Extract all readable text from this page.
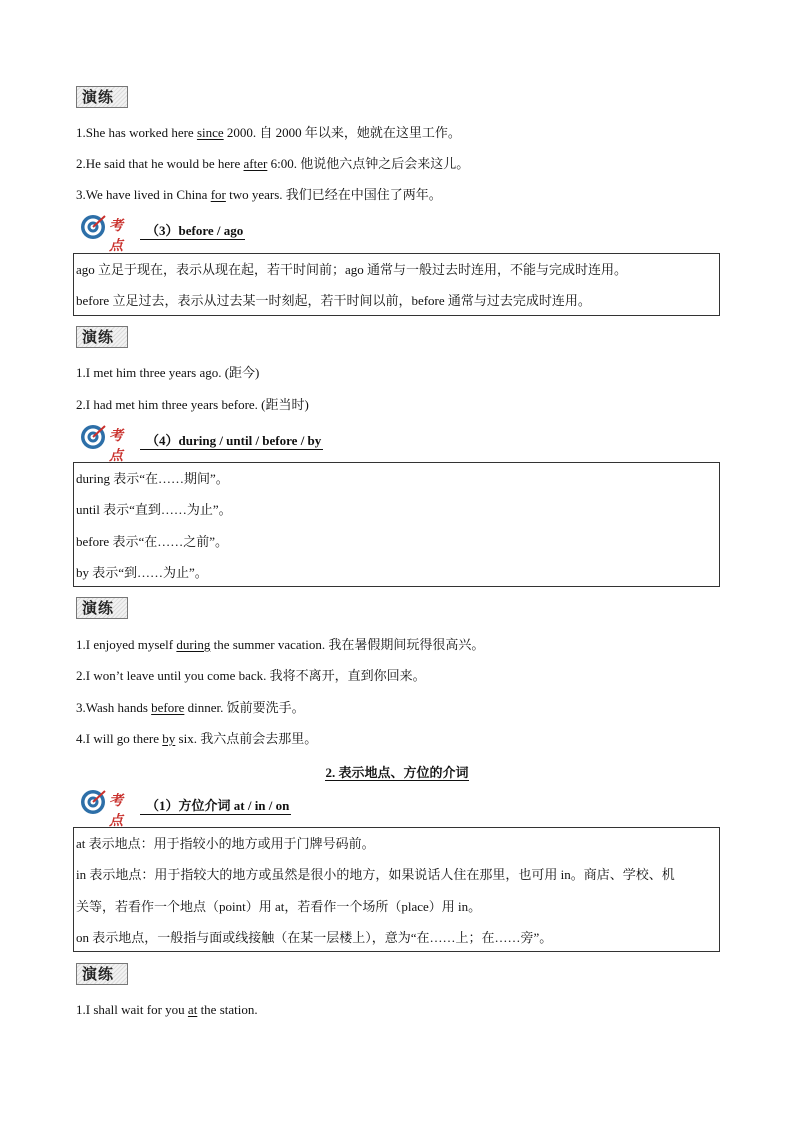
演练
1.She has worked here since 2000. 自 2000 年以来，她就在这里工作。
2.He said that he would be here after 6:00. 他说他六点钟之后会来这儿。
3.We have lived in China for two years. 我们已经在中国住了两年。
考点
（3）before / ago
ago 立足于现在，表示从现在起，若干时间前；ago 通常与一般过去时连用，不能与完成时连用。
before 立足过去，表示从过去某一时刻起，若干时间以前，before 通常与过去完成时连用。
演练
1.I met him three years ago. (距今)
2.I had met him three years before. (距当时)
考点
（4）during / until / before / by
during 表示“在……期间”。
until 表示“直到……为止”。
before 表示“在……之前”。
by 表示“到……为止”。
演练
1.I enjoyed myself during the summer vacation. 我在暑假期间玩得很高兴。
2.I won’t leave until you come back. 我将不离开，直到你回来。
3.Wash hands before dinner. 饭前要洗手。
4.I will go there by six. 我六点前会去那里。
2. 表示地点、方位的介词
考点
（1）方位介词 at / in / on
at 表示地点：用于指较小的地方或用于门牌号码前。
in 表示地点：用于指较大的地方或虽然是很小的地方，如果说话人住在那里，也可用 in。商店、学校、机
关等，若看作一个地点（point）用 at，若看作一个场所（place）用 in。
on 表示地点，一般指与面或线接触（在某一层楼上），意为“在……上；在……旁”。
演练
1.I shall wait for you at the station.
